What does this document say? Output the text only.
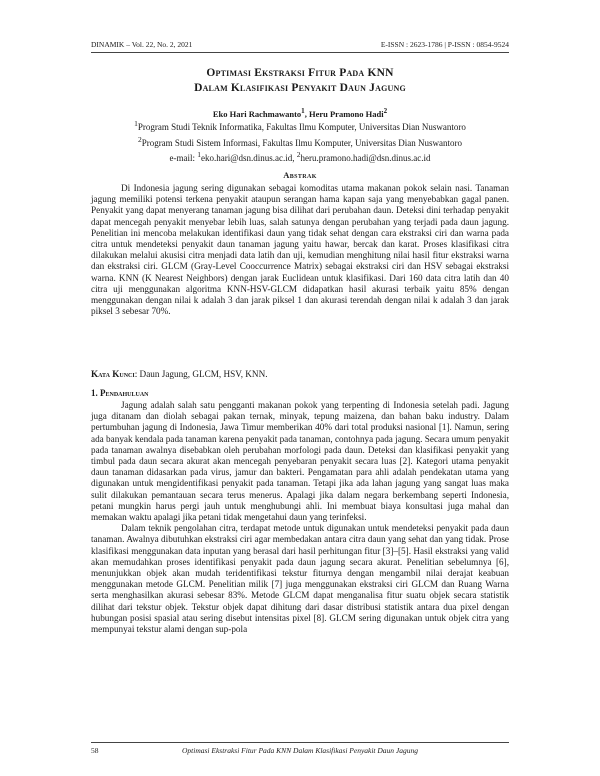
DINAMIK – Vol. 22, No. 2, 2021	E-ISSN : 2623-1786 | P-ISSN : 0854-9524
Optimasi Ekstraksi Fitur Pada KNN
Dalam Klasifikasi Penyakit Daun Jagung
Eko Hari Rachmawanto$^1$, Heru Pramono Hadi$^2$
$^1$Program Studi Teknik Informatika, Fakultas Ilmu Komputer, Universitas Dian Nuswantoro
$^2$Program Studi Sistem Informasi, Fakultas Ilmu Komputer, Universitas Dian Nuswantoro
e-mail: $^1$eko.hari@dsn.dinus.ac.id, $^2$heru.pramono.hadi@dsn.dinus.ac.id
Abstrak

Di Indonesia jagung sering digunakan sebagai komoditas utama makanan pokok selain nasi. Tanaman jagung memiliki potensi terkena penyakit ataupun serangan hama kapan saja yang menyebabkan gagal panen. Penyakit yang dapat menyerang tanaman jagung bisa dilihat dari perubahan daun. Deteksi dini terhadap penyakit dapat mencegah penyakit menyebar lebih luas, salah satunya dengan perubahan yang terjadi pada daun jagung. Penelitian ini mencoba melakukan identifikasi daun yang tidak sehat dengan cara ekstraksi ciri dan warna pada citra untuk mendeteksi penyakit daun tanaman jagung yaitu hawar, bercak dan karat. Proses klasifikasi citra dilakukan melalui akusisi citra menjadi data latih dan uji, kemudian menghitung nilai hasil fitur ekstraksi warna dan ekstraksi ciri. GLCM (Gray-Level Cooccurrence Matrix) sebagai ekstraksi ciri dan HSV sebagai ekstraksi warna. KNN (K Nearest Neighbors) dengan jarak Euclidean untuk klasifikasi. Dari 160 data citra latih dan 40 citra uji menggunakan algoritma KNN-HSV-GLCM didapatkan hasil akurasi terbaik yaitu 85% dengan menggunakan dengan nilai k adalah 3 dan jarak piksel 1 dan akurasi terendah dengan nilai k adalah 3 dan jarak piksel 3 sebesar 70%.

Kata Kunci: Daun Jagung, GLCM, HSV, KNN.
1. Pendahuluan

Jagung adalah salah satu pengganti makanan pokok yang terpenting di Indonesia setelah padi. Jagung juga ditanam dan diolah sebagai pakan ternak, minyak, tepung maizena, dan bahan baku industry. Dalam pertumbuhan jagung di Indonesia, Jawa Timur memberikan 40% dari total produksi nasional [1]. Namun, sering ada banyak kendala pada tanaman karena penyakit pada tanaman, contohnya pada jagung. Secara umum penyakit pada tanaman awalnya disebabkan oleh perubahan morfologi pada daun. Deteksi dan klasifikasi penyakit yang timbul pada daun secara akurat akan mencegah penyebaran penyakit secara luas [2]. Kategori utama penyakit daun tanaman didasarkan pada virus, jamur dan bakteri. Pengamatan para ahli adalah pendekatan utama yang digunakan untuk mengidentifikasi penyakit pada tanaman. Tetapi jika ada lahan jagung yang sangat luas maka sulit dilakukan pemantauan secara terus menerus. Apalagi jika dalam negara berkembang seperti Indonesia, petani mungkin harus pergi jauh untuk menghubungi ahli. Ini membuat biaya konsultasi juga mahal dan memakan waktu apalagi jika petani tidak mengetahui daun yang terinfeksi.

Dalam teknik pengolahan citra, terdapat metode untuk digunakan untuk mendeteksi penyakit pada daun tanaman. Awalnya dibutuhkan ekstraksi ciri agar membedakan antara citra daun yang sehat dan yang tidak. Prose klasifikasi menggunakan data inputan yang berasal dari hasil perhitungan fitur [3]–[5]. Hasil ekstraksi yang valid akan memudahkan proses identifikasi penyakit pada daun jagung secara akurat. Penelitian sebelumnya [6], menunjukkan objek akan mudah teridentifikasi tekstur fiturnya dengan mengambil nilai derajat keabuan menggunakan metode GLCM. Penelitian milik [7] juga menggunakan ekstraksi ciri GLCM dan Ruang Warna serta menghasilkan akurasi sebesar 83%. Metode GLCM dapat menganalisa fitur suatu objek secara statistik dilihat dari tekstur objek. Tekstur objek dapat dihitung dari dasar distribusi statistik antara dua pixel dengan hubungan posisi spasial atau sering disebut intensitas pixel [8]. GLCM sering digunakan untuk objek citra yang mempunyai tekstur alami dengan sup-pola

58	Optimasi Ekstraksi Fitur Pada KNN Dalam Klasifikasi Penyakit Daun Jagung
